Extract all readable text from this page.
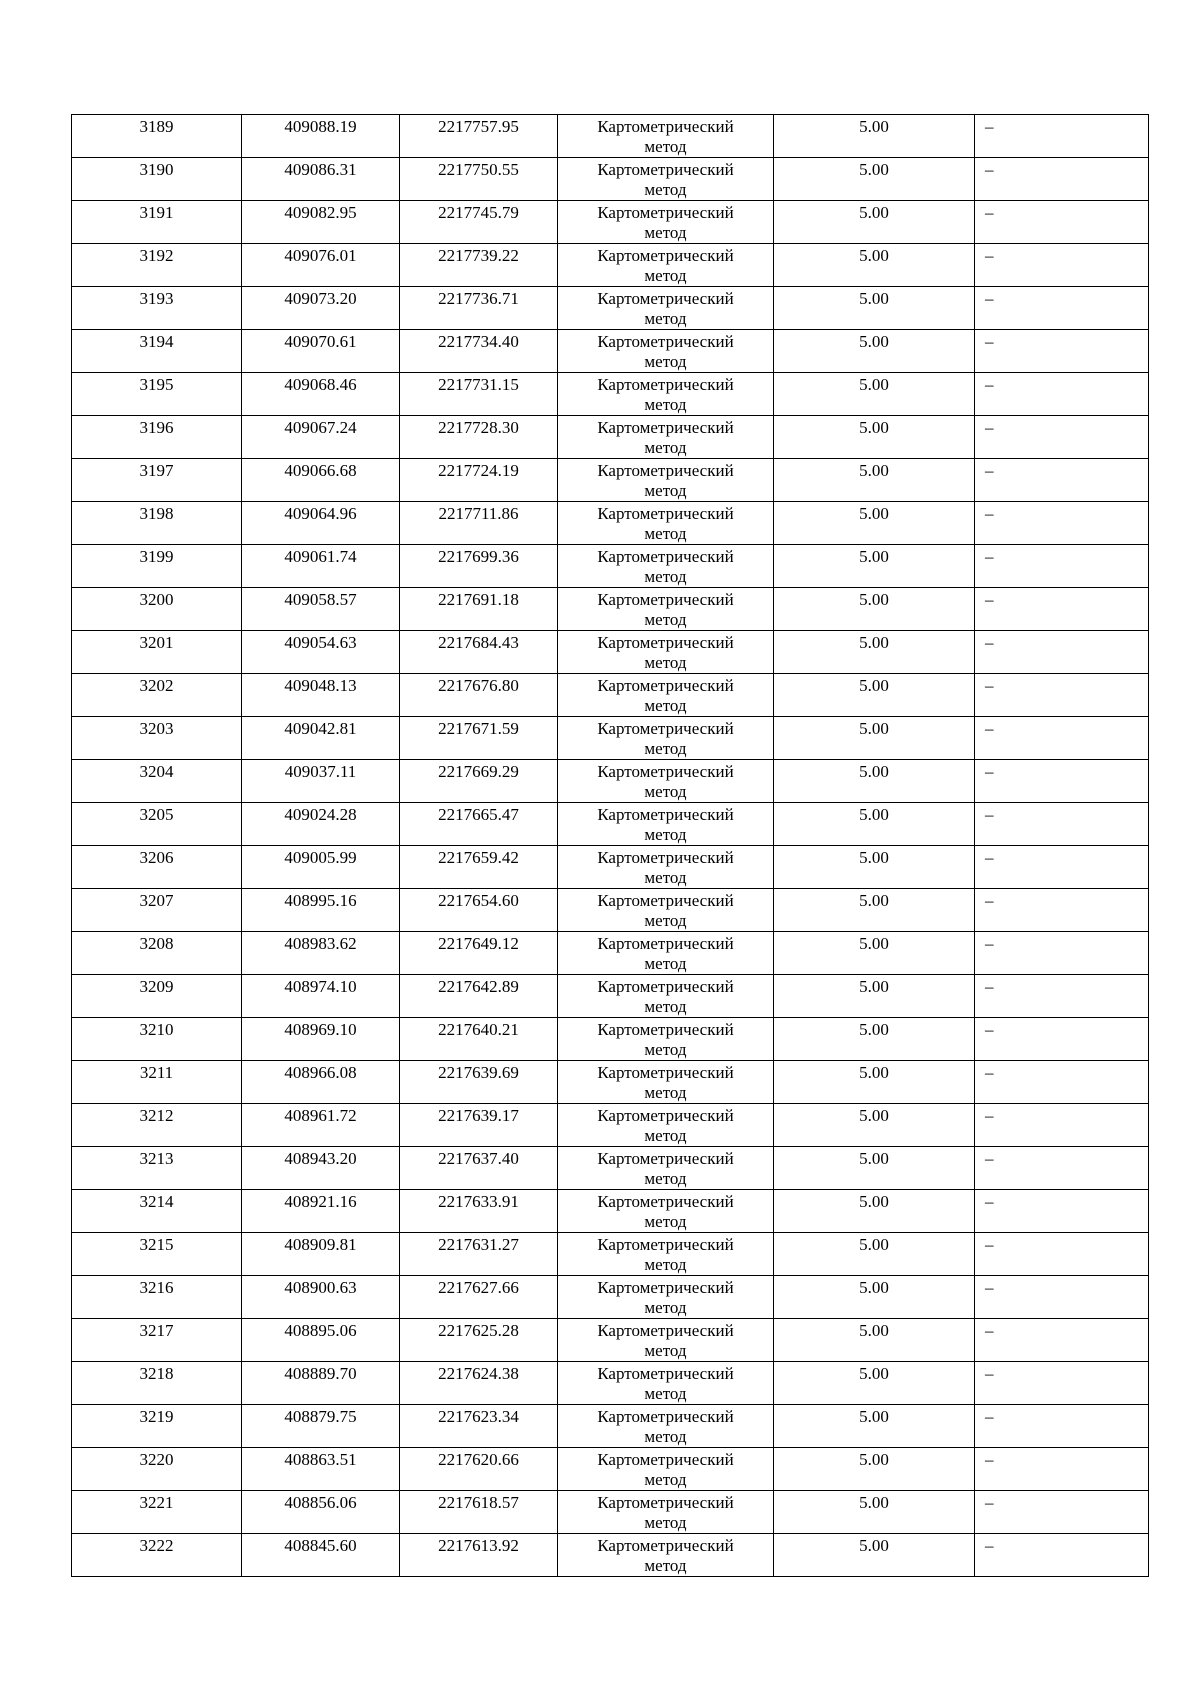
3189	409088.19	2217757.95	Картометрический
метод	5.00	–

3190	409086.31	2217750.55	Картометрический
метод	5.00	–

3191	409082.95	2217745.79	Картометрический
метод	5.00	–

3192	409076.01	2217739.22	Картометрический
метод	5.00	–

3193	409073.20	2217736.71	Картометрический
метод	5.00	–

3194	409070.61	2217734.40	Картометрический
метод	5.00	–

3195	409068.46	2217731.15	Картометрический
метод	5.00	–

3196	409067.24	2217728.30	Картометрический
метод	5.00	–

3197	409066.68	2217724.19	Картометрический
метод	5.00	–

3198	409064.96	2217711.86	Картометрический
метод	5.00	–

3199	409061.74	2217699.36	Картометрический
метод	5.00	–

3200	409058.57	2217691.18	Картометрический
метод	5.00	–

3201	409054.63	2217684.43	Картометрический
метод	5.00	–

3202	409048.13	2217676.80	Картометрический
метод	5.00	–

3203	409042.81	2217671.59	Картометрический
метод	5.00	–

3204	409037.11	2217669.29	Картометрический
метод	5.00	–

3205	409024.28	2217665.47	Картометрический
метод	5.00	–

3206	409005.99	2217659.42	Картометрический
метод	5.00	–

3207	408995.16	2217654.60	Картометрический
метод	5.00	–

3208	408983.62	2217649.12	Картометрический
метод	5.00	–

3209	408974.10	2217642.89	Картометрический
метод	5.00	–

3210	408969.10	2217640.21	Картометрический
метод	5.00	–

3211	408966.08	2217639.69	Картометрический
метод	5.00	–

3212	408961.72	2217639.17	Картометрический
метод	5.00	–

3213	408943.20	2217637.40	Картометрический
метод	5.00	–

3214	408921.16	2217633.91	Картометрический
метод	5.00	–

3215	408909.81	2217631.27	Картометрический
метод	5.00	–

3216	408900.63	2217627.66	Картометрический
метод	5.00	–

3217	408895.06	2217625.28	Картометрический
метод	5.00	–

3218	408889.70	2217624.38	Картометрический
метод	5.00	–

3219	408879.75	2217623.34	Картометрический
метод	5.00	–

3220	408863.51	2217620.66	Картометрический
метод	5.00	–

3221	408856.06	2217618.57	Картометрический
метод	5.00	–

3222	408845.60	2217613.92	Картометрический
метод	5.00	–
